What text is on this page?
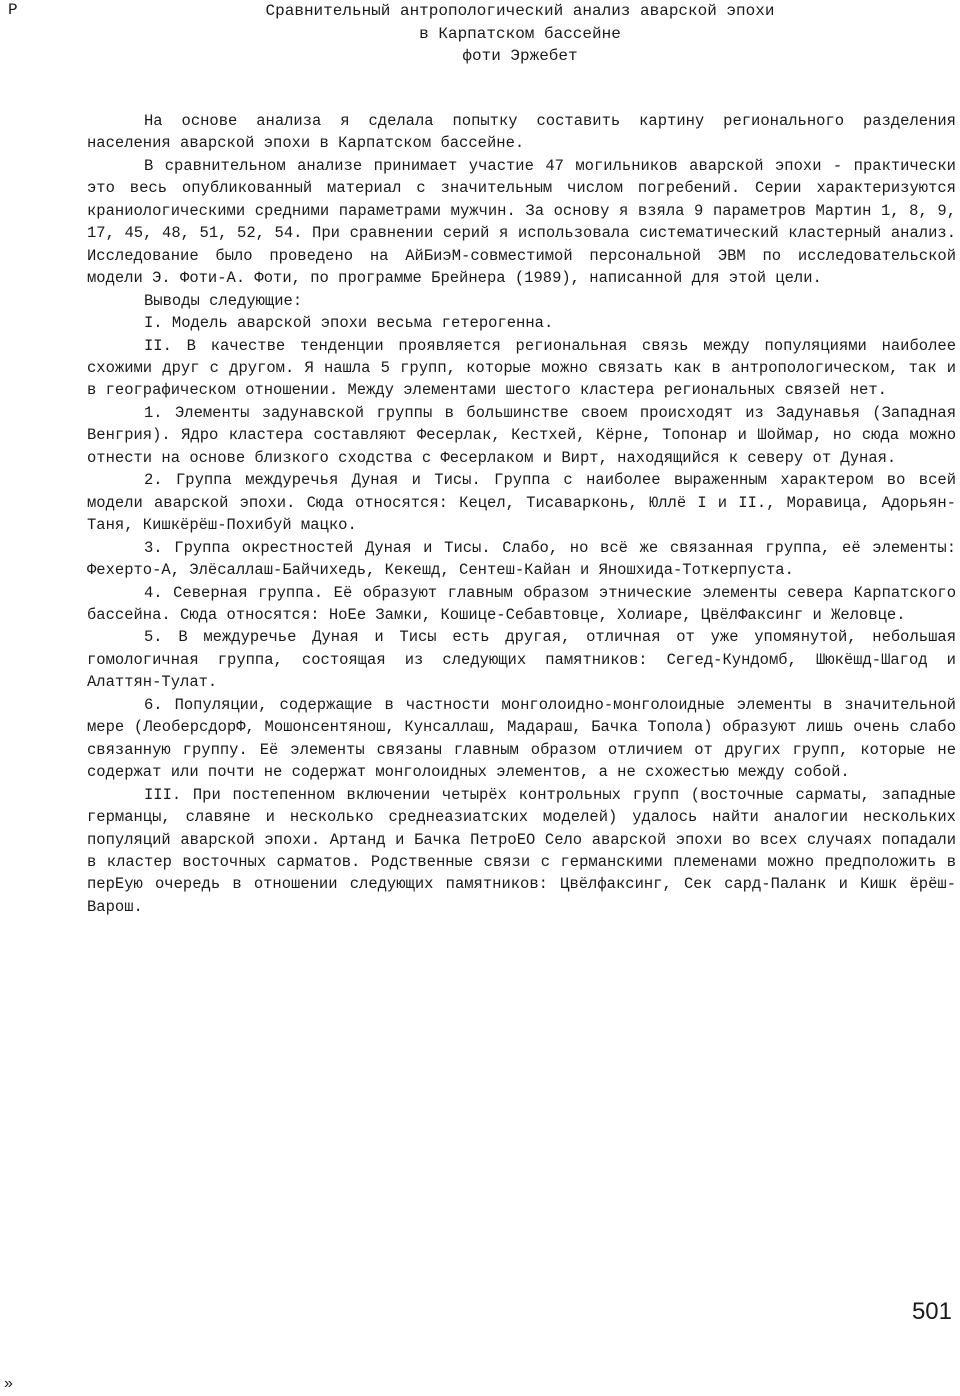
P	Сравнительный антропологический анализ аварской эпохи
в Карпатском бассейне
фоти Эржебет

На основе анализа я сделала попытку составить картину регионального разделения населения аварской эпохи в Карпатском бассейне.

В сравнительном анализе принимает участие 47 могильников аварской эпохи - практически это весь опубликованный материал с значительным числом погребений. Серии характеризуются краниологическими средними параметрами мужчин. За основу я взяла 9 параметров Мартин 1, 8, 9, 17, 45, 48, 51, 52, 54. При сравнении серий я использовала систематический кластерный анализ. Исследование было проведено на АйБиэМ-совместимой персональной ЭВМ по исследовательской модели Э. Фоти-А. Фоти, по программе Брейнера (1989), написанной для этой цели.

Выводы следующие:

I. Модель аварской эпохи весьма гетерогенна.

II. В качестве тенденции проявляется региональная связь между популяциями наиболее схожими друг с другом. Я нашла 5 групп, которые можно связать как в антропологическом, так и в географическом отношении. Между элементами шестого кластера региональных связей нет.

1. Элементы задунавской группы в большинстве своем происходят из Задунавья (Западная Венгрия). Ядро кластера составляют Фесерлак, Кестхей, Кёрне, Топонар и Шоймар, но сюда можно отнести на основе близкого сходства с Фесерлаком и Вирт, находящийся к северу от Дуная.

2. Группа междуречья Дуная и Тисы. Группа с наиболее выраженным характером во всей модели аварской эпохи. Сюда относятся: Кецел, Тисаварконь, Юллё I и II., Моравица, Адорьян-Таня, Кишкёрёш-Похибуй мацко.

3. Группа окрестностей Дуная и Тисы. Слабо, но всё же связанная группа, её элементы: Фехерто-А, Элёсаллаш-Байчихедь, Кекешд, Сентеш-Кайан и Яношхида-Тоткерпуста.

4. Северная группа. Её образуют главным образом этнические элементы севера Карпатского бассейна. Сюда относятся: НоЕе Замки, Кошице-Себавтовце, Холиаре, ЦвёлФаксинг и Желовце.

5. В междуречье Дуная и Тисы есть другая, отличная от уже упомянутой, небольшая гомологичная группа, состоящая из следующих памятников: Сегед-Кундомб, Шюкёшд-Шагод и Алаттян-Тулат.

6. Популяции, содержащие в частности монголоидно-монголоидные элементы в значительной мере (ЛеоберсдорФ, Мошонсентянош, Кунсаллаш, Мадараш, Бачка Топола) образуют лишь очень слабо связанную группу. Её элементы связаны главным образом отличием от других групп, которые не содержат или почти не содержат монголоидных элементов, а не схожестью между собой.

III. При постепенном включении четырёх контрольных групп (восточные сарматы, западные германцы, славяне и несколько среднеазиатских моделей) удалось найти аналогии нескольких популяций аварской эпохи. Артанд и Бачка ПетроЕО Село аварской эпохи во всех случаях попадали в кластер восточных сарматов. Родственные связи с германскими племенами можно предположить в перЕую очередь в отношении следующих памятников: Цвёлфаксинг, Сек сард-Паланк и Кишк ёрёш- Варош.

501
»
